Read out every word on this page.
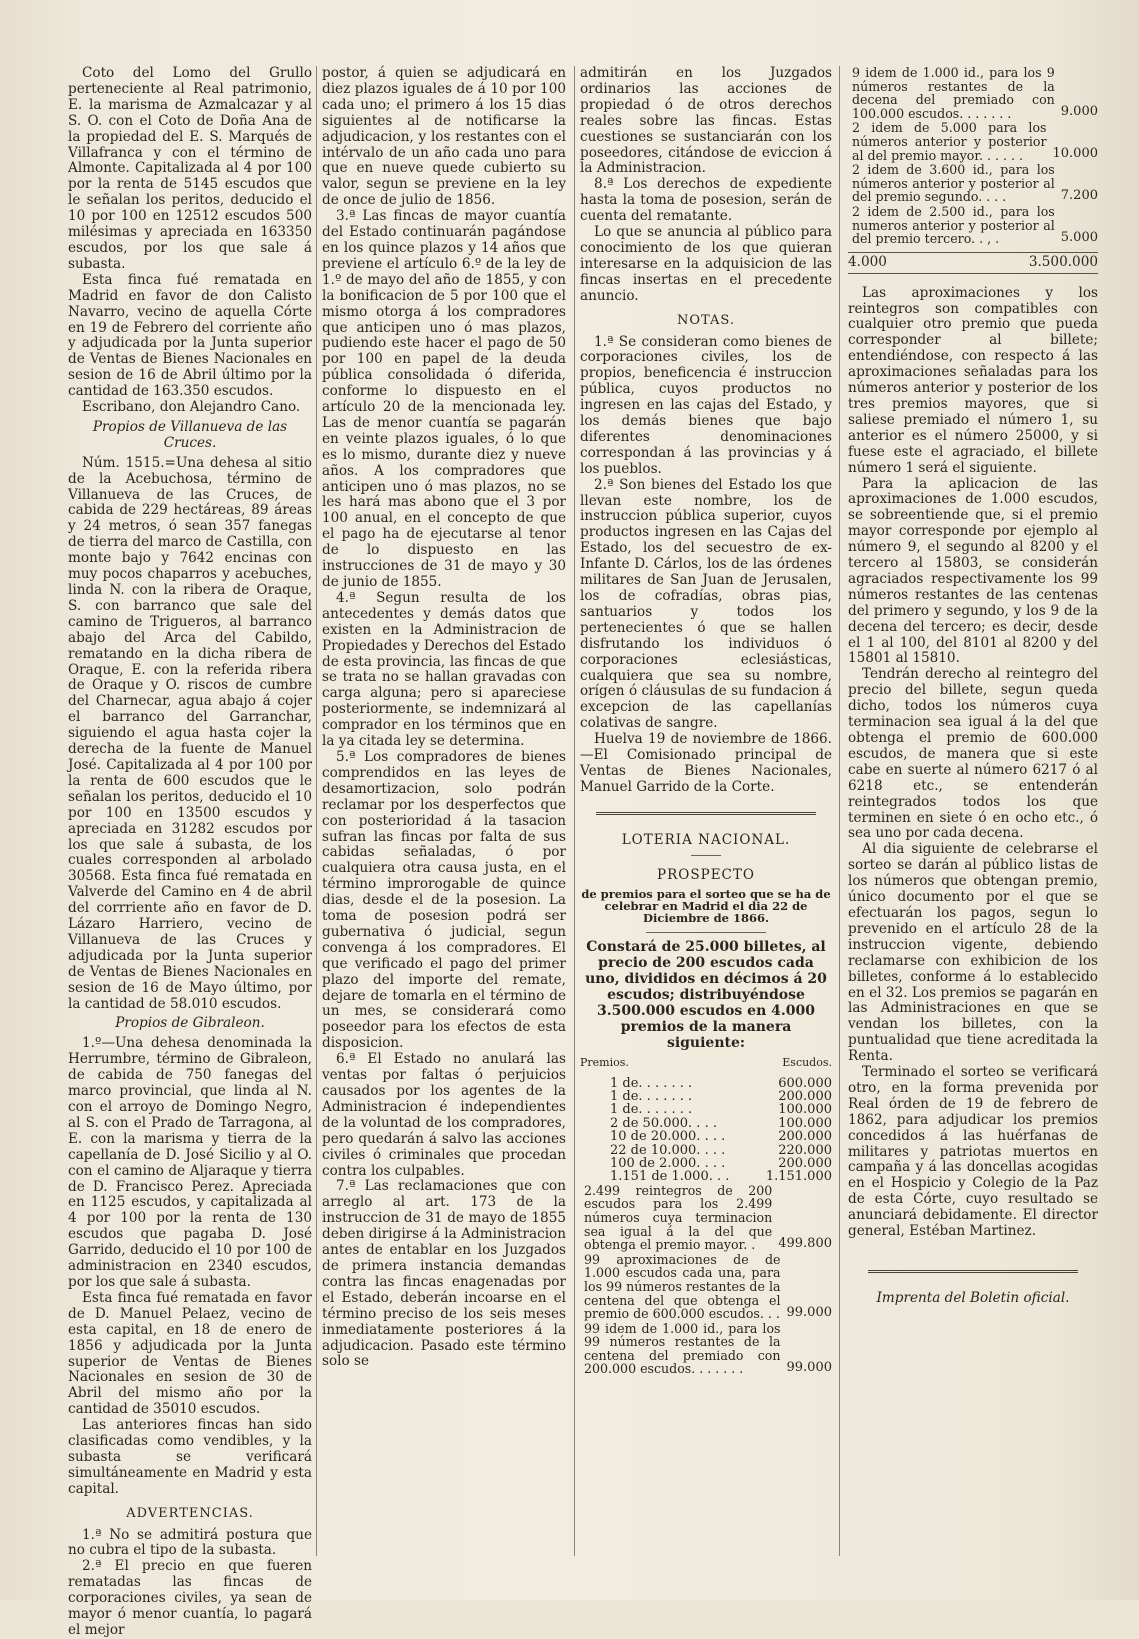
Coto del Lomo del Grullo perteneciente al Real patrimonio, E. la marisma de Azmalcazar y al S. O. con el Coto de Doña Ana de la propiedad del E. S. Marqués de Villafranca y con el término de Almonte. Capitalizada al 4 por 100 por la renta de 5145 escudos que le señalan los peritos, deducido el 10 por 100 en 12512 escudos 500 milésimas y apreciada en 163350 escudos, por los que sale á subasta.

Esta finca fué rematada en Madrid en favor de don Calisto Navarro, vecino de aquella Córte en 19 de Febrero del corriente año y adjudicada por la Junta superior de Ventas de Bienes Nacionales en sesion de 16 de Abril último por la cantidad de 163.350 escudos.

Escribano, don Alejandro Cano.

Propios de Villanueva de las Cruces.

Núm. 1515.=Una dehesa al sitio de la Acebuchosa, término de Villanueva de las Cruces, de cabida de 229 hectáreas, 89 áreas y 24 metros, ó sean 357 fanegas de tierra del marco de Castilla, con monte bajo y 7642 encinas con muy pocos chaparros y acebuches, linda N. con la ribera de Oraque, S. con barranco que sale del camino de Trigueros, al barranco abajo del Arca del Cabildo, rematando en la dicha ribera de Oraque, E. con la referida ribera de Oraque y O. riscos de cumbre del Charnecar, agua abajo á cojer el barranco del Garranchar, siguiendo el agua hasta cojer la derecha de la fuente de Manuel José. Capitalizada al 4 por 100 por la renta de 600 escudos que le señalan los peritos, deducido el 10 por 100 en 13500 escudos y apreciada en 31282 escudos por los que sale á subasta, de los cuales corresponden al arbolado 30568. Esta finca fué rematada en Valverde del Camino en 4 de abril del corrriente año en favor de D. Lázaro Harriero, vecino de Villanueva de las Cruces y adjudicada por la Junta superior de Ventas de Bienes Nacionales en sesion de 16 de Mayo último, por la cantidad de 58.010 escudos.

Propios de Gibraleon.

1.º—Una dehesa denominada la Herrumbre, término de Gibraleon, de cabida de 750 fanegas del marco provincial, que linda al N. con el arroyo de Domingo Negro, al S. con el Prado de Tarragona, al E. con la marisma y tierra de la capellanía de D. José Sicilio y al O. con el camino de Aljaraque y tierra de D. Francisco Perez. Apreciada en 1125 escudos, y capitalizada al 4 por 100 por la renta de 130 escudos que pagaba D. José Garrido, deducido el 10 por 100 de administracion en 2340 escudos, por los que sale á subasta.

Esta finca fué rematada en favor de D. Manuel Pelaez, vecino de esta capital, en 18 de enero de 1856 y adjudicada por la Junta superior de Ventas de Bienes Nacionales en sesion de 30 de Abril del mismo año por la cantidad de 35010 escudos.

Las anteriores fincas han sido clasificadas como vendibles, y la subasta se verificará simultáneamente en Madrid y esta capital.

ADVERTENCIAS.

1.ª No se admitirá postura que no cubra el tipo de la subasta.

2.ª El precio en que fueren rematadas las fincas de corporaciones civiles, ya sean de mayor ó menor cuantía, lo pagará el mejor

postor, á quien se adjudicará en diez plazos iguales de á 10 por 100 cada uno; el primero á los 15 dias siguientes al de notificarse la adjudicacion, y los restantes con el intérvalo de un año cada uno para que en nueve quede cubierto su valor, segun se previene en la ley de once de julio de 1856.

3.ª Las fincas de mayor cuantía del Estado continuarán pagándose en los quince plazos y 14 años que previene el artículo 6.º de la ley de 1.º de mayo del año de 1855, y con la bonificacion de 5 por 100 que el mismo otorga á los compradores que anticipen uno ó mas plazos, pudiendo este hacer el pago de 50 por 100 en papel de la deuda pública consolidada ó diferida, conforme lo dispuesto en el artículo 20 de la mencionada ley. Las de menor cuantía se pagarán en veinte plazos iguales, ó lo que es lo mismo, durante diez y nueve años. A los compradores que anticipen uno ó mas plazos, no se les hará mas abono que el 3 por 100 anual, en el concepto de que el pago ha de ejecutarse al tenor de lo dispuesto en las instrucciones de 31 de mayo y 30 de junio de 1855.

4.ª Segun resulta de los antecedentes y demás datos que existen en la Administracion de Propiedades y Derechos del Estado de esta provincia, las fincas de que se trata no se hallan gravadas con carga alguna; pero si apareciese posteriormente, se indemnizará al comprador en los términos que en la ya citada ley se determina.

5.ª Los compradores de bienes comprendidos en las leyes de desamortizacion, solo podrán reclamar por los desperfectos que con posterioridad á la tasacion sufran las fincas por falta de sus cabidas señaladas, ó por cualquiera otra causa justa, en el término improrogable de quince dias, desde el de la posesion. La toma de posesion podrá ser gubernativa ó judicial, segun convenga á los compradores. El que verificado el pago del primer plazo del importe del remate, dejare de tomarla en el término de un mes, se considerará como poseedor para los efectos de esta disposicion.

6.ª El Estado no anulará las ventas por faltas ó perjuicios causados por los agentes de la Administracion é independientes de la voluntad de los compradores, pero quedarán á salvo las acciones civiles ó criminales que procedan contra los culpables.

7.ª Las reclamaciones que con arreglo al art. 173 de la instruccion de 31 de mayo de 1855 deben dirigirse á la Administracion antes de entablar en los Juzgados de primera instancia demandas contra las fincas enagenadas por el Estado, deberán incoarse en el término preciso de los seis meses inmediatamente posteriores á la adjudicacion. Pasado este término solo se

admitirán en los Juzgados ordinarios las acciones de propiedad ó de otros derechos reales sobre las fincas. Estas cuestiones se sustanciarán con los poseedores, citándose de eviccion á la Administracion.

8.ª Los derechos de expediente hasta la toma de posesion, serán de cuenta del rematante.

Lo que se anuncia al público para conocimiento de los que quieran interesarse en la adquisicion de las fincas insertas en el precedente anuncio.

NOTAS.

1.ª Se consideran como bienes de corporaciones civiles, los de propios, beneficencia é instruccion pública, cuyos productos no ingresen en las cajas del Estado, y los demás bienes que bajo diferentes denominaciones correspondan á las provincias y á los pueblos.

2.ª Son bienes del Estado los que llevan este nombre, los de instruccion pública superior, cuyos productos ingresen en las Cajas del Estado, los del secuestro de ex-Infante D. Cárlos, los de las órdenes militares de San Juan de Jerusalen, los de cofradías, obras pias, santuarios y todos los pertenecientes ó que se hallen disfrutando los individuos ó corporaciones eclesiásticas, cualquiera que sea su nombre, orígen ó cláusulas de su fundacion á excepcion de las capellanías colativas de sangre.

Huelva 19 de noviembre de 1866.—El Comisionado principal de Ventas de Bienes Nacionales, Manuel Garrido de la Corte.

LOTERIA NACIONAL.

PROSPECTO

de premios para el sorteo que se ha de celebrar en Madrid el dia 22 de Diciembre de 1866.

Constará de 25.000 billetes, al precio de 200 escudos cada uno, divididos en décimos á 20 escudos; distribuyéndose 3.500.000 escudos en 4.000 premios de la manera siguiente:

Premios.	Escudos.
1 de. . . . . . .	600.000
1 de. . . . . . .	200.000
1 de. . . . . . .	100.000
2 de 50.000. . . .	100.000
10 de 20.000. . . .	200.000
22 de 10.000. . . .	220.000
100 de 2.000. . . .	200.000
1.151 de 1.000. . .	1.151.000
2.499 reintegros de 200 escudos para los 2.499 números cuya terminacion sea igual á la del que obtenga el premio mayor. .	499.800
99 aproximaciones de de 1.000 escudos cada una, para los 99 números restantes de la centena del que obtenga el premio de 600.000 escudos. . . 99.000
99 idem de 1.000 id., para los 99 números restantes de la centena del premiado con 200.000 escudos. . . . . . .	99.000
9 idem de 1.000 id., para los 9 números restantes de la decena del premiado con 100.000 escudos. . . . . . .	9.000
2 idem de 5.000 para los números anterior y posterior al del premio mayor. . . . . .	10.000
2 idem de 3.600 id., para los números anterior y posterior al del premio segundo. . . .	7.200
2 idem de 2.500 id., para los numeros anterior y posterior al del premio tercero. . , .	5.000
4.000	3.500.000

Las aproximaciones y los reintegros son compatibles con cualquier otro premio que pueda corresponder al billete; entendiéndose, con respecto á las aproximaciones señaladas para los números anterior y posterior de los tres premios mayores, que si saliese premiado el número 1, su anterior es el número 25000, y si fuese este el agraciado, el billete número 1 será el siguiente.

Para la aplicacion de las aproximaciones de 1.000 escudos, se sobreentiende que, si el premio mayor corresponde por ejemplo al número 9, el segundo al 8200 y el tercero al 15803, se considerán agraciados respectivamente los 99 números restantes de las centenas del primero y segundo, y los 9 de la decena del tercero; es decir, desde el 1 al 100, del 8101 al 8200 y del 15801 al 15810.

Tendrán derecho al reintegro del precio del billete, segun queda dicho, todos los números cuya terminacion sea igual á la del que obtenga el premio de 600.000 escudos, de manera que si este cabe en suerte al número 6217 ó al 6218 etc., se entenderán reintegrados todos los que terminen en siete ó en ocho etc., ó sea uno por cada decena.

Al dia siguiente de celebrarse el sorteo se darán al público listas de los números que obtengan premio, único documento por el que se efectuarán los pagos, segun lo prevenido en el artículo 28 de la instruccion vigente, debiendo reclamarse con exhibicion de los billetes, conforme á lo establecido en el 32. Los premios se pagarán en las Administraciones en que se vendan los billetes, con la puntualidad que tiene acreditada la Renta.

Terminado el sorteo se verificará otro, en la forma prevenida por Real órden de 19 de febrero de 1862, para adjudicar los premios concedidos á las huérfanas de militares y patriotas muertos en campaña y á las doncellas acogidas en el Hospicio y Colegio de la Paz de esta Córte, cuyo resultado se anunciará debidamente. El director general, Estéban Martinez.

Imprenta del Boletin oficial.
